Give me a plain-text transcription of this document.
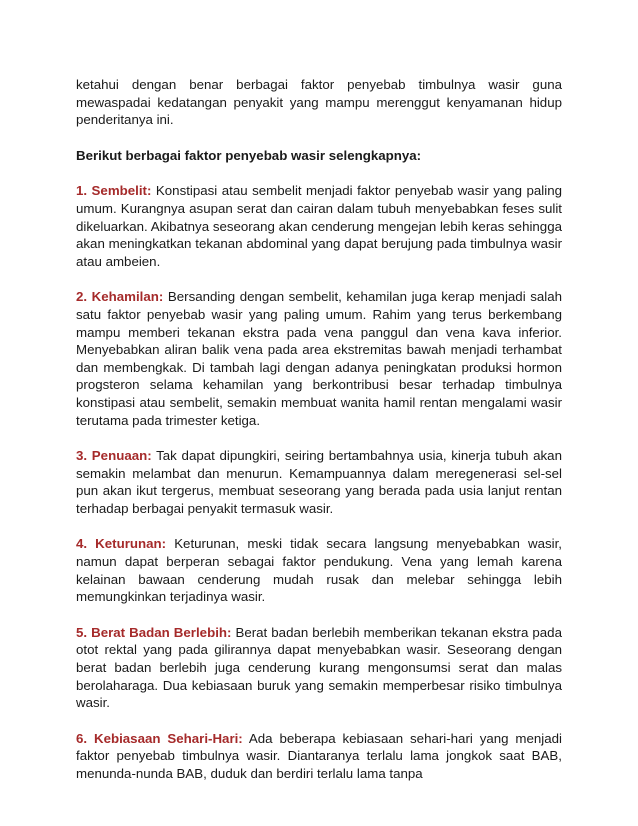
ketahui dengan benar berbagai faktor penyebab timbulnya wasir guna mewaspadai kedatangan penyakit yang mampu merenggut kenyamanan hidup penderitanya ini.

Berikut berbagai faktor penyebab wasir selengkapnya:

1. Sembelit: Konstipasi atau sembelit menjadi faktor penyebab wasir yang paling umum. Kurangnya asupan serat dan cairan dalam tubuh menyebabkan feses sulit dikeluarkan. Akibatnya seseorang akan cenderung mengejan lebih keras sehingga akan meningkatkan tekanan abdominal yang dapat berujung pada timbulnya wasir atau ambeien.

2. Kehamilan: Bersanding dengan sembelit, kehamilan juga kerap menjadi salah satu faktor penyebab wasir yang paling umum. Rahim yang terus berkembang mampu memberi tekanan ekstra pada vena panggul dan vena kava inferior. Menyebabkan aliran balik vena pada area ekstremitas bawah menjadi terhambat dan membengkak. Di tambah lagi dengan adanya peningkatan produksi hormon progsteron selama kehamilan yang berkontribusi besar terhadap timbulnya konstipasi atau sembelit, semakin membuat wanita hamil rentan mengalami wasir terutama pada trimester ketiga.

3. Penuaan: Tak dapat dipungkiri, seiring bertambahnya usia, kinerja tubuh akan semakin melambat dan menurun. Kemampuannya dalam meregenerasi sel-sel pun akan ikut tergerus, membuat seseorang yang berada pada usia lanjut rentan terhadap berbagai penyakit termasuk wasir.

4. Keturunan: Keturunan, meski tidak secara langsung menyebabkan wasir, namun dapat berperan sebagai faktor pendukung. Vena yang lemah karena kelainan bawaan cenderung mudah rusak dan melebar sehingga lebih memungkinkan terjadinya wasir.

5. Berat Badan Berlebih: Berat badan berlebih memberikan tekanan ekstra pada otot rektal yang pada gilirannya dapat menyebabkan wasir. Seseorang dengan berat badan berlebih juga cenderung kurang mengonsumsi serat dan malas berolaharaga. Dua kebiasaan buruk yang semakin memperbesar risiko timbulnya wasir.

6. Kebiasaan Sehari-Hari: Ada beberapa kebiasaan sehari-hari yang menjadi faktor penyebab timbulnya wasir. Diantaranya terlalu lama jongkok saat BAB, menunda-nunda BAB, duduk dan berdiri terlalu lama tanpa
